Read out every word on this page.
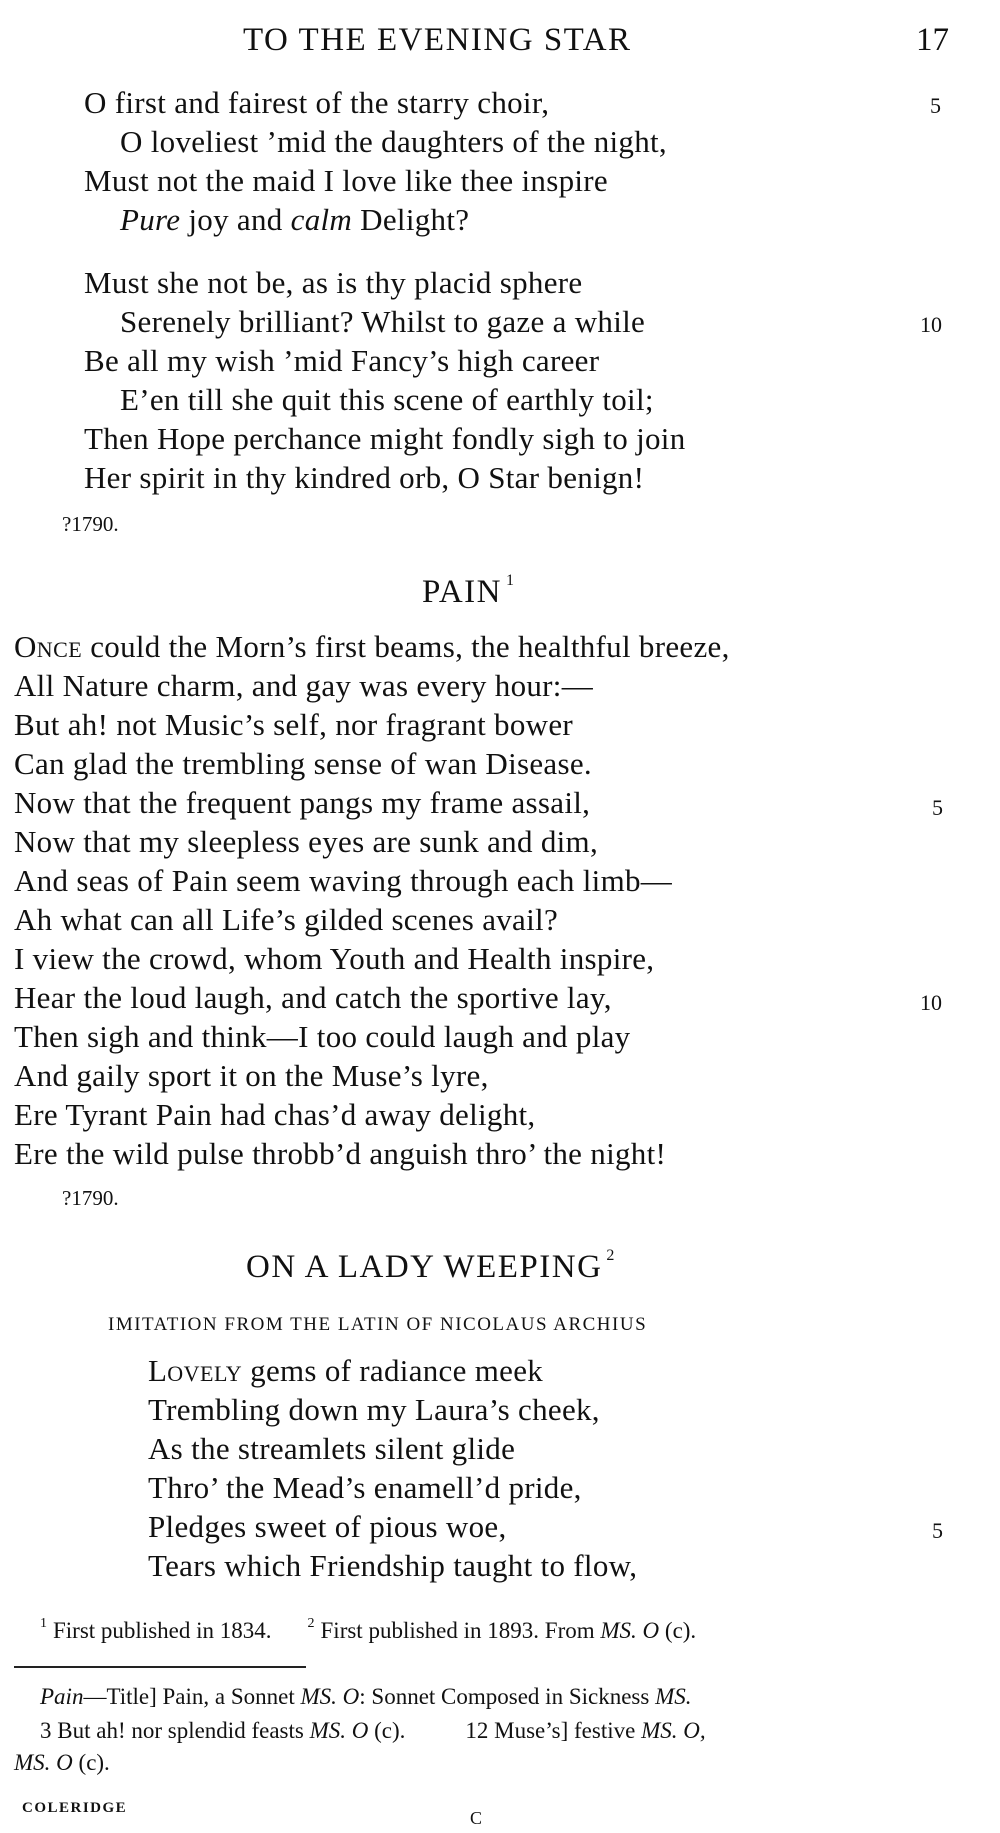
TO THE EVENING STAR	17
O first and fairest of the starry choir,	5
O loveliest ’mid the daughters of the night,
Must not the maid I love like thee inspire
Pure joy and calm Delight?
Must she not be, as is thy placid sphere
Serenely brilliant? Whilst to gaze a while	10
Be all my wish ’mid Fancy’s high career
E’en till she quit this scene of earthly toil;
Then Hope perchance might fondly sigh to join
Her spirit in thy kindred orb, O Star benign!
?1790.
PAIN $^1$
ONCE could the Morn’s first beams, the healthful breeze,
All Nature charm, and gay was every hour:—
But ah! not Music’s self, nor fragrant bower
Can glad the trembling sense of wan Disease.
Now that the frequent pangs my frame assail,	5
Now that my sleepless eyes are sunk and dim,
And seas of Pain seem waving through each limb—
Ah what can all Life’s gilded scenes avail?
I view the crowd, whom Youth and Health inspire,
Hear the loud laugh, and catch the sportive lay,	10
Then sigh and think—I too could laugh and play
And gaily sport it on the Muse’s lyre,
Ere Tyrant Pain had chas’d away delight,
Ere the wild pulse throbb’d anguish thro’ the night!
?1790.
ON A LADY WEEPING $^2$
IMITATION FROM THE LATIN OF NICOLAUS ARCHIUS
LOVELY gems of radiance meek
Trembling down my Laura’s cheek,
As the streamlets silent glide
Thro’ the Mead’s enamell’d pride,
Pledges sweet of pious woe,	5
Tears which Friendship taught to flow,
$^1$ First published in 1834.	$^2$ First published in 1893. From MS. O (c).
Pain—Title] Pain, a Sonnet MS. O: Sonnet Composed in Sickness MS.
3 But ah! nor splendid feasts MS. O (c).	12 Muse’s] festive MS. O,
MS. O (c).
COLERIDGE	C
